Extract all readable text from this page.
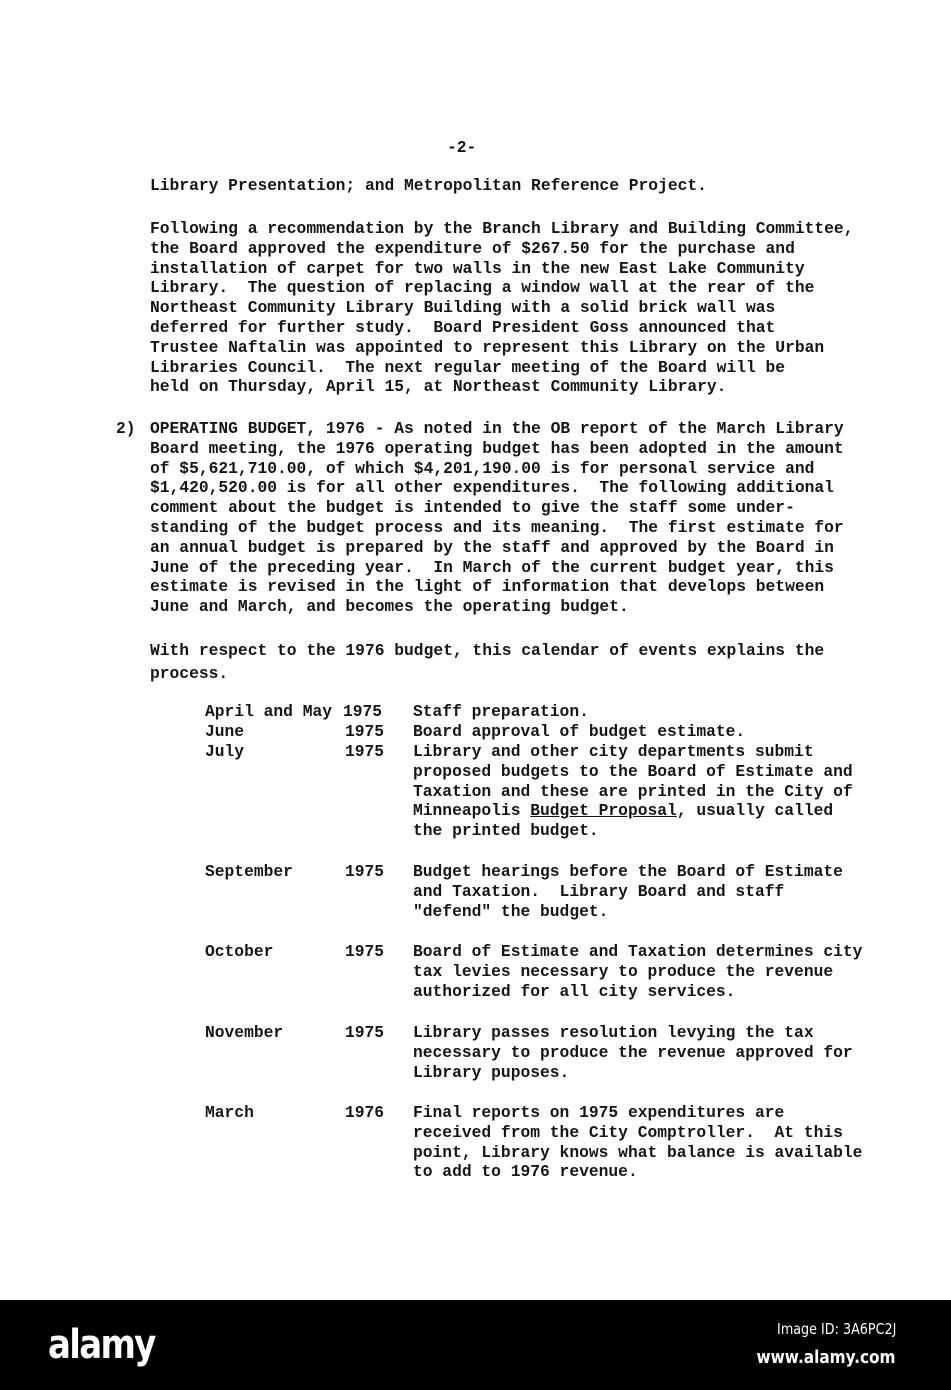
-2-
Library Presentation; and Metropolitan Reference Project.
Following a recommendation by the Branch Library and Building Committee,
the Board approved the expenditure of $267.50 for the purchase and
installation of carpet for two walls in the new East Lake Community
Library.  The question of replacing a window wall at the rear of the
Northeast Community Library Building with a solid brick wall was
deferred for further study.  Board President Goss announced that
Trustee Naftalin was appointed to represent this Library on the Urban
Libraries Council.  The next regular meeting of the Board will be
held on Thursday, April 15, at Northeast Community Library.
2) OPERATING BUDGET, 1976 - As noted in the OB report of the March Library
Board meeting, the 1976 operating budget has been adopted in the amount
of $5,621,710.00, of which $4,201,190.00 is for personal service and
$1,420,520.00 is for all other expenditures.  The following additional
comment about the budget is intended to give the staff some under-
standing of the budget process and its meaning.  The first estimate for
an annual budget is prepared by the staff and approved by the Board in
June of the preceding year.  In March of the current budget year, this
estimate is revised in the light of information that develops between
June and March, and becomes the operating budget.
With respect to the 1976 budget, this calendar of events explains the
process.
April and May 1975 Staff preparation.
June	1975 Board approval of budget estimate.
July	1975 Library and other city departments submit
proposed budgets to the Board of Estimate and
Taxation and these are printed in the City of
Minneapolis Budget Proposal, usually called
the printed budget.
September	1975 Budget hearings before the Board of Estimate
and Taxation.  Library Board and staff
"defend" the budget.
October	1975 Board of Estimate and Taxation determines city
tax levies necessary to produce the revenue
authorized for all city services.
November	1975 Library passes resolution levying the tax
necessary to produce the revenue approved for
Library puposes.
March	1976 Final reports on 1975 expenditures are
received from the City Comptroller.  At this
point, Library knows what balance is available
to add to 1976 revenue.
alamy	Image ID: 3A6PC2J
www.alamy.com
